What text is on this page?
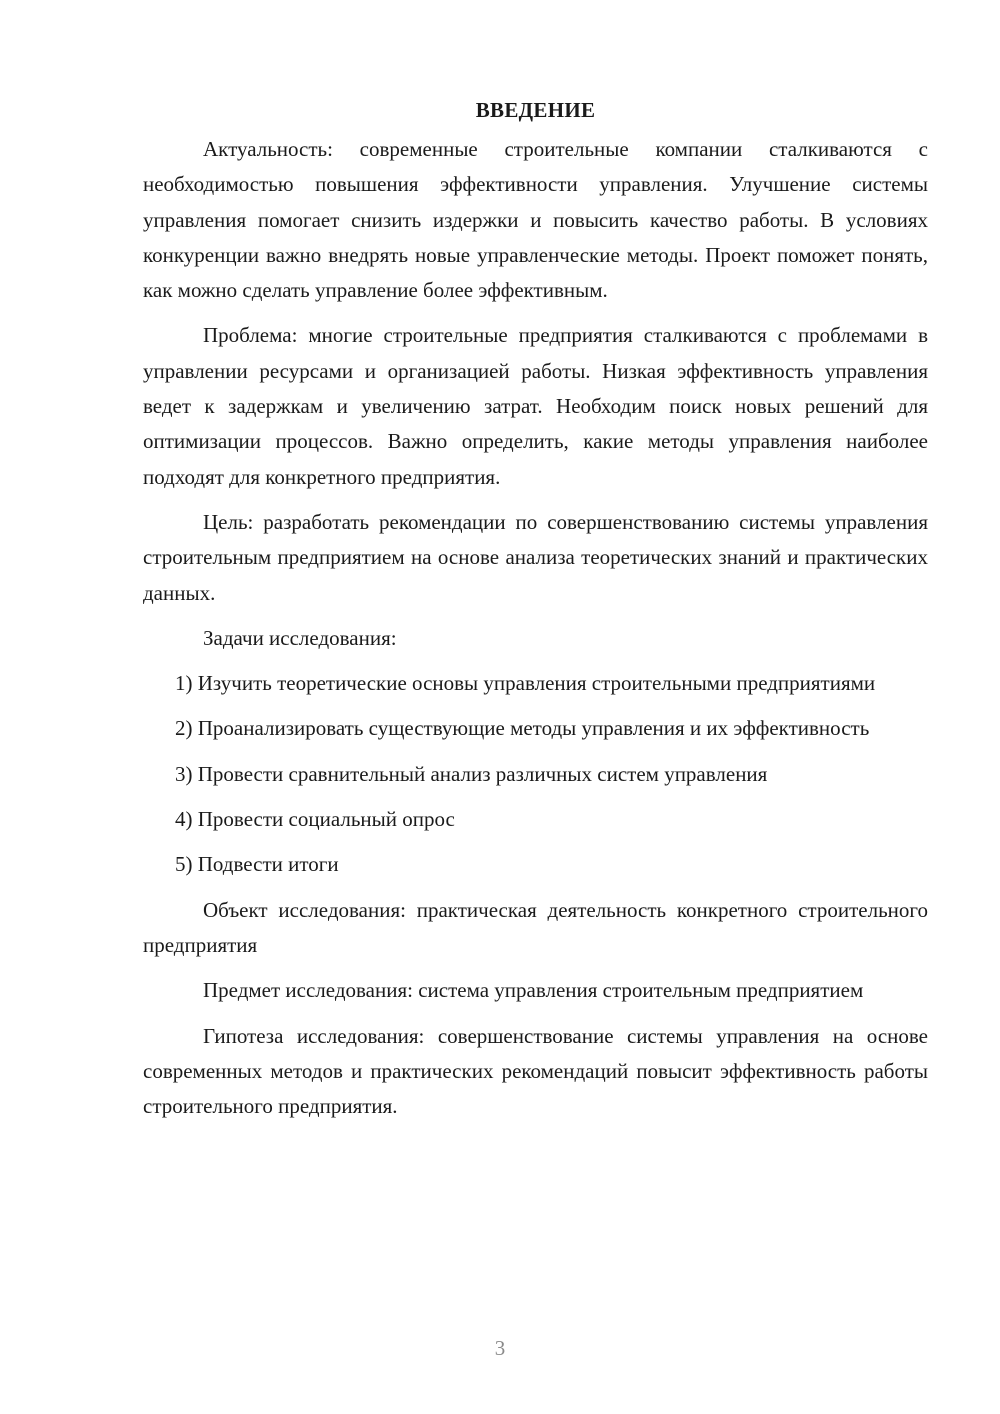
ВВЕДЕНИЕ

Актуальность: современные строительные компании сталкиваются с необходимостью повышения эффективности управления. Улучшение системы управления помогает снизить издержки и повысить качество работы. В условиях конкуренции важно внедрять новые управленческие методы. Проект поможет понять, как можно сделать управление более эффективным.

Проблема: многие строительные предприятия сталкиваются с проблемами в управлении ресурсами и организацией работы. Низкая эффективность управления ведет к задержкам и увеличению затрат. Необходим поиск новых решений для оптимизации процессов. Важно определить, какие методы управления наиболее подходят для конкретного предприятия.

Цель: разработать рекомендации по совершенствованию системы управления строительным предприятием на основе анализа теоретических знаний и практических данных.

Задачи исследования:

1) Изучить теоретические основы управления строительными предприятиями

2) Проанализировать существующие методы управления и их эффективность

3) Провести сравнительный анализ различных систем управления

4) Провести социальный опрос

5) Подвести итоги

Объект исследования: практическая деятельность конкретного строительного предприятия

Предмет исследования: система управления строительным предприятием

Гипотеза исследования: совершенствование системы управления на основе современных методов и практических рекомендаций повысит эффективность работы строительного предприятия.

3
